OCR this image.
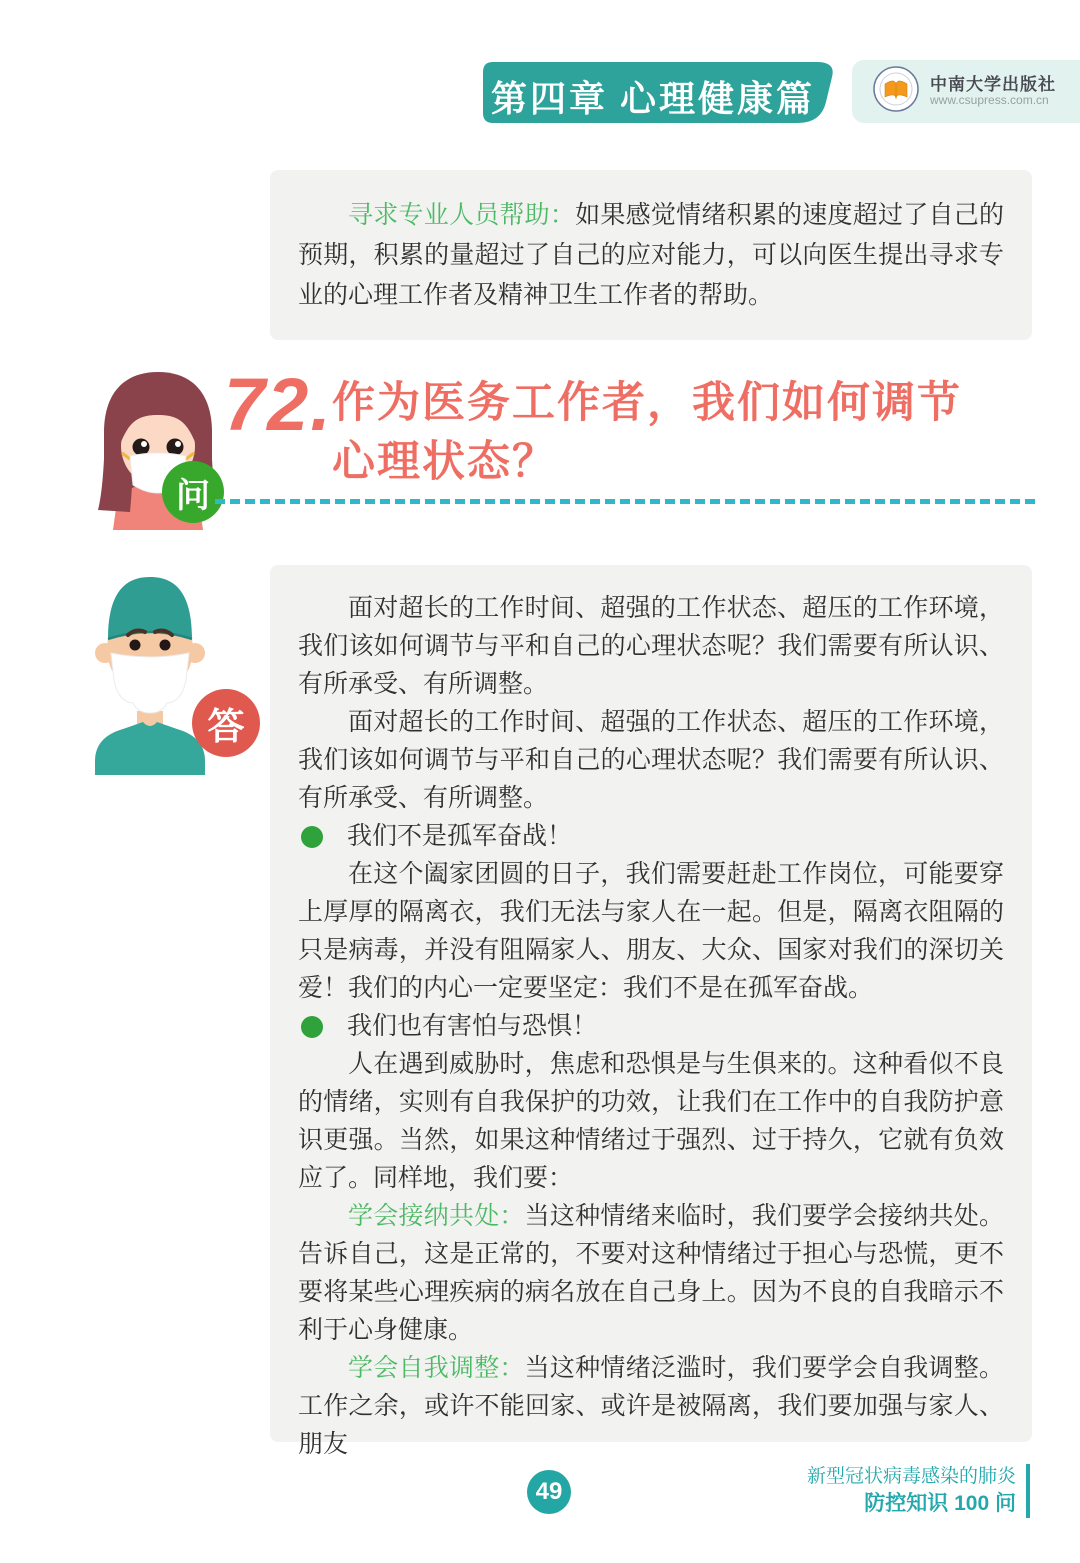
中南大学出版社
www.csupress.com.cn
第四章 心理健康篇

寻求专业人员帮助：如果感觉情绪积累的速度超过了自己的预期，积累的量超过了自己的应对能力，可以向医生提出寻求专业的心理工作者及精神卫生工作者的帮助。

问
72. 作为医务工作者，我们如何调节
心理状态？
答

面对超长的工作时间、超强的工作状态、超压的工作环境，我们该如何调节与平和自己的心理状态呢？我们需要有所认识、有所承受、有所调整。

面对超长的工作时间、超强的工作状态、超压的工作环境，我们该如何调节与平和自己的心理状态呢？我们需要有所认识、有所承受、有所调整。

我们不是孤军奋战！

在这个阖家团圆的日子，我们需要赶赴工作岗位，可能要穿上厚厚的隔离衣，我们无法与家人在一起。但是，隔离衣阻隔的只是病毒，并没有阻隔家人、朋友、大众、国家对我们的深切关爱！我们的内心一定要坚定：我们不是在孤军奋战。

我们也有害怕与恐惧！

人在遇到威胁时，焦虑和恐惧是与生俱来的。这种看似不良的情绪，实则有自我保护的功效，让我们在工作中的自我防护意识更强。当然，如果这种情绪过于强烈、过于持久，它就有负效应了。同样地，我们要：

学会接纳共处：当这种情绪来临时，我们要学会接纳共处。告诉自己，这是正常的，不要对这种情绪过于担心与恐慌，更不要将某些心理疾病的病名放在自己身上。因为不良的自我暗示不利于心身健康。

学会自我调整：当这种情绪泛滥时，我们要学会自我调整。工作之余，或许不能回家、或许是被隔离，我们要加强与家人、朋友

49
新型冠状病毒感染的肺炎
防控知识 100 问
